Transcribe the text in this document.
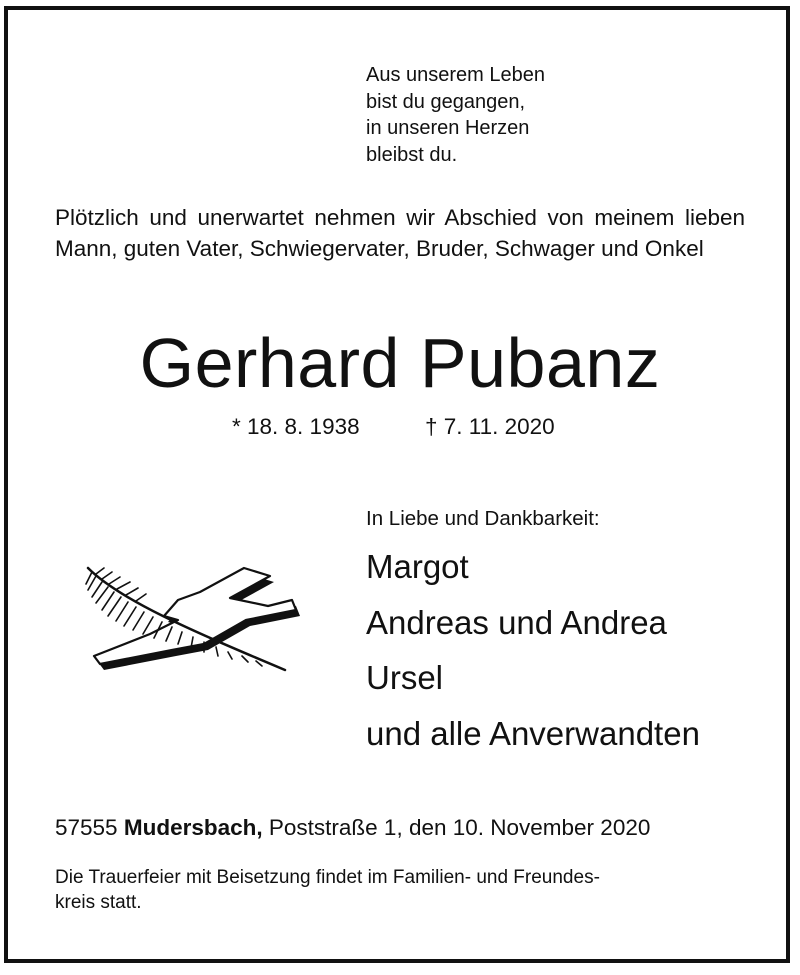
Aus unserem Leben
bist du gegangen,
in unseren Herzen
bleibst du.
Plötzlich und unerwartet nehmen wir Abschied von meinem lieben Mann, guten Vater, Schwiegervater, Bruder, Schwager und Onkel
Gerhard Pubanz
* 18. 8. 1938	† 7. 11. 2020
In Liebe und Dankbarkeit:
Margot
Andreas und Andrea
Ursel
und alle Anverwandten
57555 Mudersbach, Poststraße 1, den 10. November 2020
Die Trauerfeier mit Beisetzung findet im Familien- und Freundes-
kreis statt.
